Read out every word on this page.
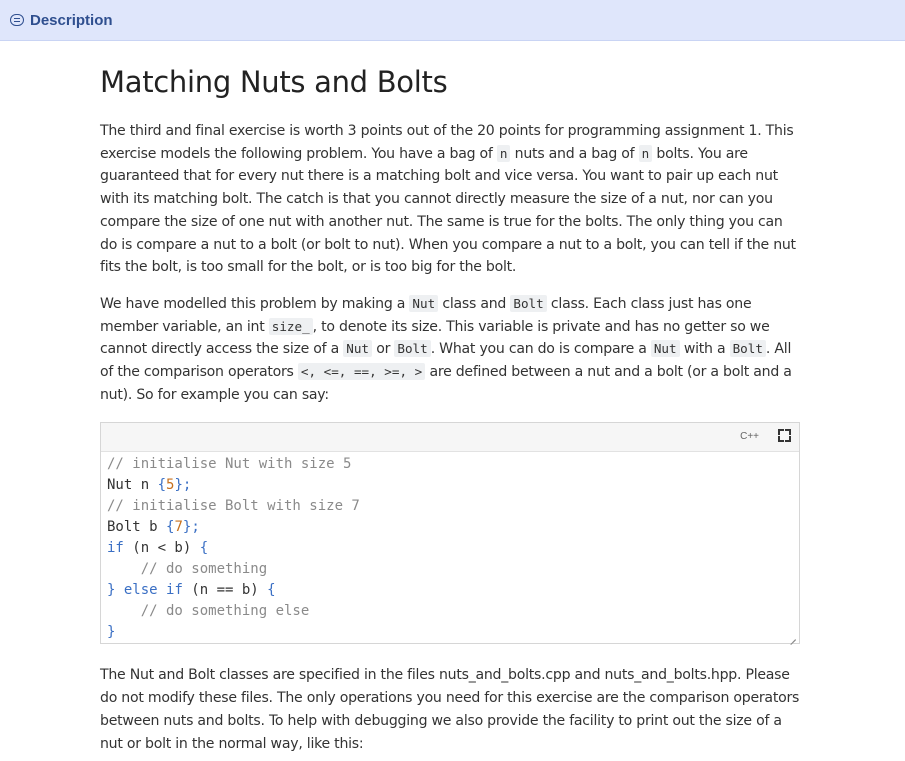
Description
Matching Nuts and Bolts

The third and final exercise is worth 3 points out of the 20 points for programming assignment 1. This exercise models the following problem. You have a bag of n nuts and a bag of n bolts. You are guaranteed that for every nut there is a matching bolt and vice versa. You want to pair up each nut with its matching bolt. The catch is that you cannot directly measure the size of a nut, nor can you compare the size of one nut with another nut. The same is true for the bolts. The only thing you can do is compare a nut to a bolt (or bolt to nut). When you compare a nut to a bolt, you can tell if the nut fits the bolt, is too small for the bolt, or is too big for the bolt.

We have modelled this problem by making a Nut class and Bolt class. Each class just has one member variable, an int size_ , to denote its size. This variable is private and has no getter so we cannot directly access the size of a Nut or Bolt . What you can do is compare a Nut with a Bolt . All of the comparison operators <, <=, ==, >=, > are defined between a nut and a bolt (or a bolt and a nut). So for example you can say:

C++
// initialise Nut with size 5
Nut n {5};
// initialise Bolt with size 7
Bolt b {7};
if (n < b) {
// do something
} else if (n == b) {
// do something else
}

The Nut and Bolt classes are specified in the files nuts_and_bolts.cpp and nuts_and_bolts.hpp. Please do not modify these files. The only operations you need for this exercise are the comparison operators between nuts and bolts. To help with debugging we also provide the facility to print out the size of a nut or bolt in the normal way, like this:
